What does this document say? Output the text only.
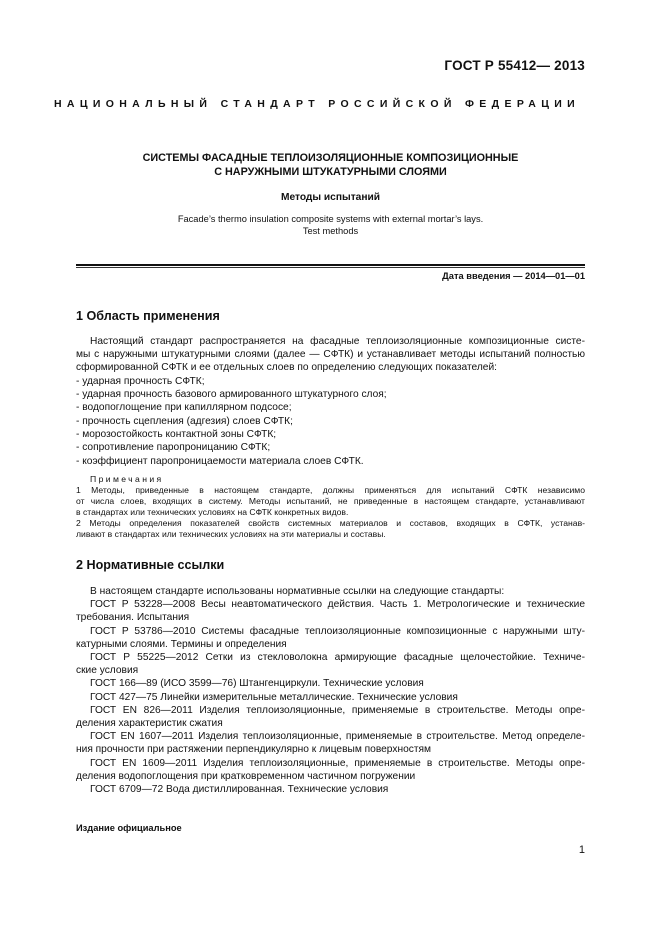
ГОСТ Р 55412— 2013
НАЦИОНАЛЬНЫЙ СТАНДАРТ РОССИЙСКОЙ ФЕДЕРАЦИИ
СИСТЕМЫ ФАСАДНЫЕ ТЕПЛОИЗОЛЯЦИОННЫЕ КОМПОЗИЦИОННЫЕ
С НАРУЖНЫМИ ШТУКАТУРНЫМИ СЛОЯМИ
Методы испытаний
Facade’s thermo insulation composite systems with external mortar’s lays.
Test methods
Дата введения — 2014—01—01
1 Область применения
Настоящий стандарт распространяется на фасадные теплоизоляционные композиционные систе-
мы с наружными штукатурными слоями (далее — СФТК) и устанавливает методы испытаний полностью
сформированной СФТК и ее отдельных слоев по определению следующих показателей:
- ударная прочность СФТК;
- ударная прочность базового армированного штукатурного слоя;
- водопоглощение при капиллярном подсосе;
- прочность сцепления (адгезия) слоев СФТК;
- морозостойкость контактной зоны СФТК;
- сопротивление паропроницанию СФТК;
- коэффициент паропроницаемости материала слоев СФТК.
Примечания
1 Методы, приведенные в настоящем стандарте, должны применяться для испытаний СФТК независимо
от числа слоев, входящих в систему. Методы испытаний, не приведенные в настоящем стандарте, устанавливают
в стандартах или технических условиях на СФТК конкретных видов.
2 Методы определения показателей свойств системных материалов и составов, входящих в СФТК, устанав-
ливают в стандартах или технических условиях на эти материалы и составы.
2 Нормативные ссылки
В настоящем стандарте использованы нормативные ссылки на следующие стандарты:
ГОСТ Р 53228—2008 Весы неавтоматического действия. Часть 1. Метрологические и технические
требования. Испытания
ГОСТ Р 53786—2010 Системы фасадные теплоизоляционные композиционные с наружными шту-
катурными слоями. Термины и определения
ГОСТ Р 55225—2012 Сетки из стекловолокна армирующие фасадные щелочестойкие. Техниче-
ские условия
ГОСТ 166—89 (ИСО 3599—76) Штангенциркули. Технические условия
ГОСТ 427—75 Линейки измерительные металлические. Технические условия
ГОСТ EN 826—2011 Изделия теплоизоляционные, применяемые в строительстве. Методы опре-
деления характеристик сжатия
ГОСТ EN 1607—2011 Изделия теплоизоляционные, применяемые в строительстве. Метод определе-
ния прочности при растяжении перпендикулярно к лицевым поверхностям
ГОСТ EN 1609—2011 Изделия теплоизоляционные, применяемые в строительстве. Методы опре-
деления водопоглощения при кратковременном частичном погружении
ГОСТ 6709—72 Вода дистиллированная. Технические условия
Издание официальное
1
